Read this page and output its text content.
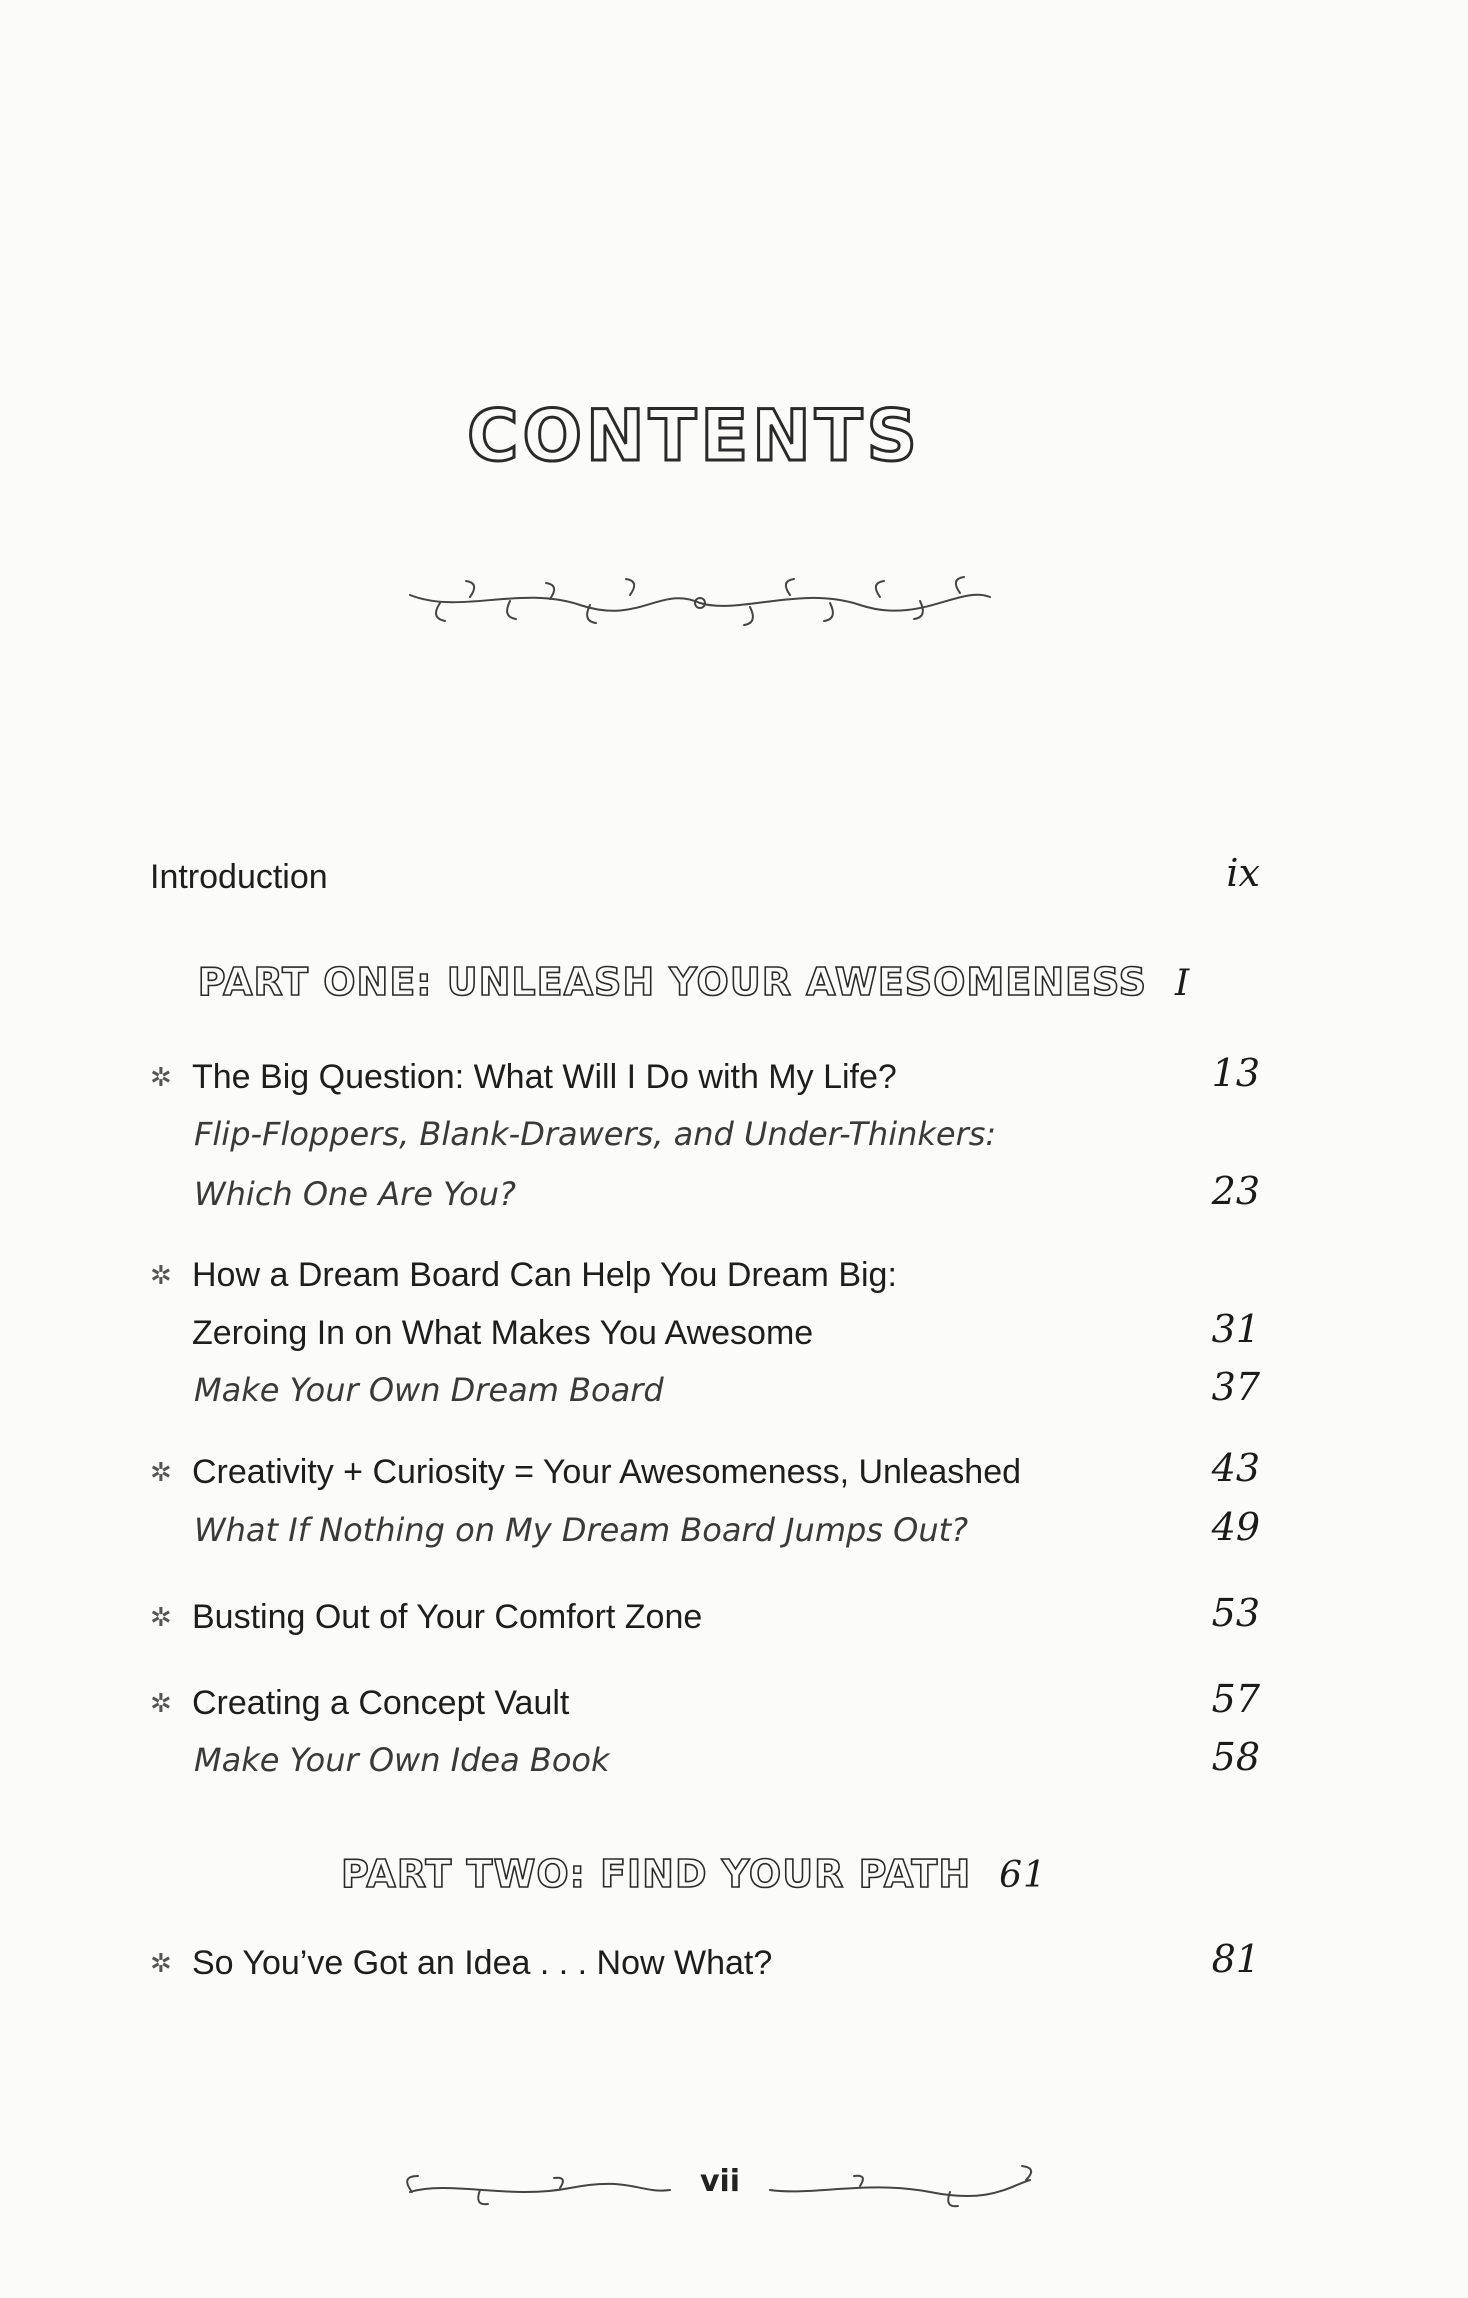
CONTENTS
Introduction	ix
PART ONE: UNLEASH YOUR AWESOMENESS I
✲ The Big Question: What Will I Do with My Life?	13
Flip-Floppers, Blank-Drawers, and Under-Thinkers:
Which One Are You?	23
✲ How a Dream Board Can Help You Dream Big:
Zeroing In on What Makes You Awesome	31
Make Your Own Dream Board	37
✲ Creativity + Curiosity = Your Awesomeness, Unleashed	43
What If Nothing on My Dream Board Jumps Out?	49
✲ Busting Out of Your Comfort Zone	53
✲ Creating a Concept Vault	57
Make Your Own Idea Book	58
PART TWO: FIND YOUR PATH 61
✲ So You’ve Got an Idea . . . Now What?	81
vii
